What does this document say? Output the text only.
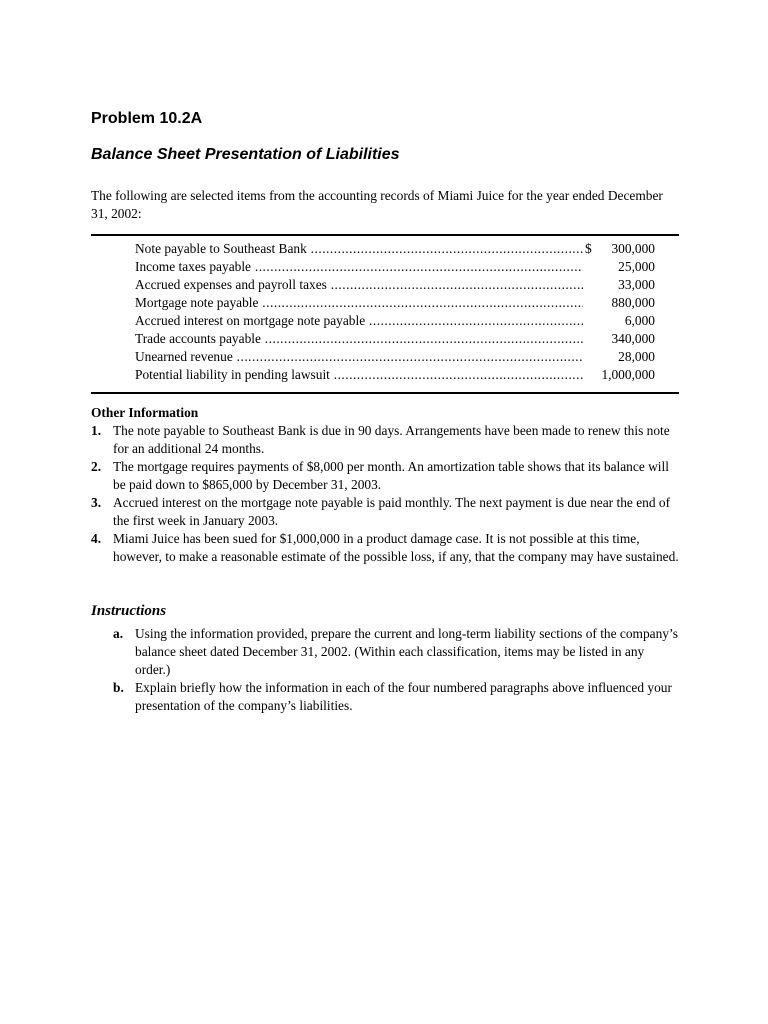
Problem 10.2A
Balance Sheet Presentation of Liabilities
The following are selected items from the accounting records of Miami Juice for the year ended December 31, 2002:
Note payable to Southeast Bank .....	$ 300,000
Income taxes payable .....	25,000
Accrued expenses and payroll taxes .....	33,000
Mortgage note payable .....	880,000
Accrued interest on mortgage note payable .....	6,000
Trade accounts payable .....	340,000
Unearned revenue .....	28,000
Potential liability in pending lawsuit .....	1,000,000
Other Information
1. The note payable to Southeast Bank is due in 90 days. Arrangements have been made to renew this note for an additional 24 months.
2. The mortgage requires payments of $8,000 per month. An amortization table shows that its balance will be paid down to $865,000 by December 31, 2003.
3. Accrued interest on the mortgage note payable is paid monthly. The next payment is due near the end of the first week in January 2003.
4. Miami Juice has been sued for $1,000,000 in a product damage case. It is not possible at this time, however, to make a reasonable estimate of the possible loss, if any, that the company may have sustained.
Instructions
a. Using the information provided, prepare the current and long-term liability sections of the company’s balance sheet dated December 31, 2002. (Within each classification, items may be listed in any order.)
b. Explain briefly how the information in each of the four numbered paragraphs above influenced your presentation of the company’s liabilities.
